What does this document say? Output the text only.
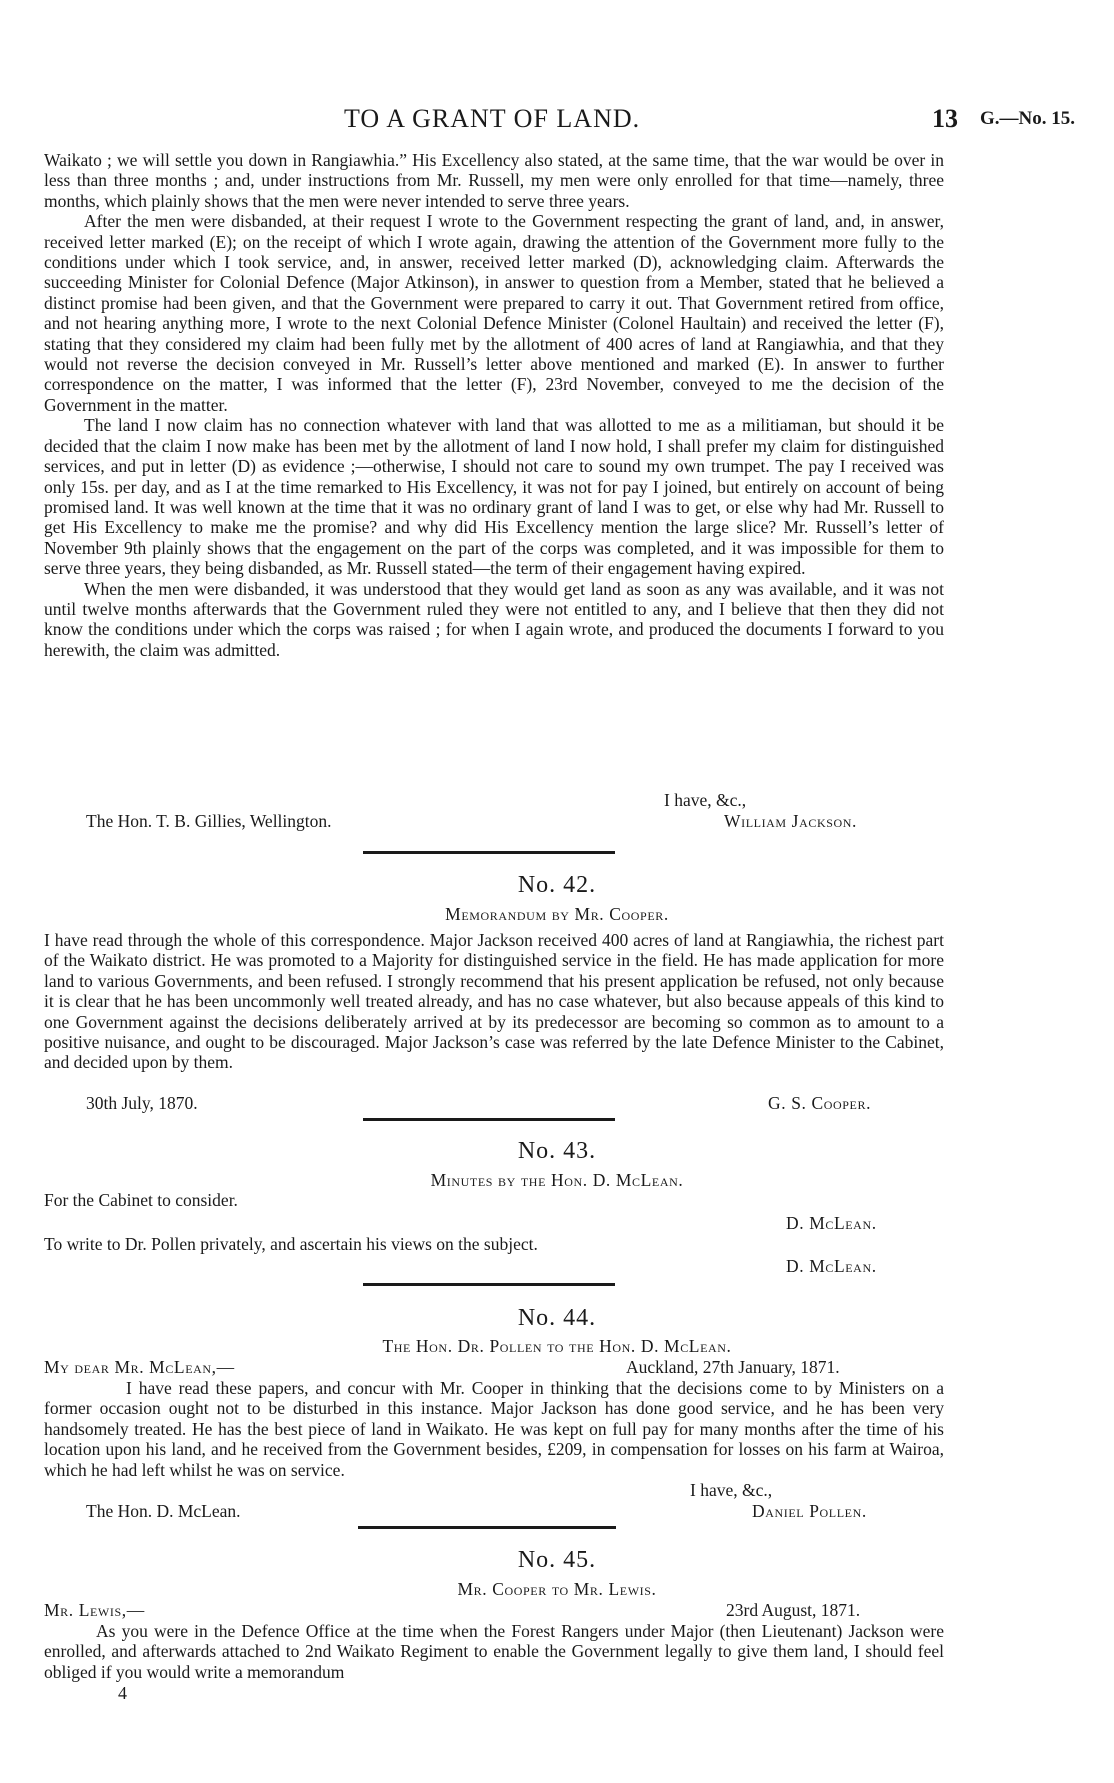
TO A GRANT OF LAND.	13 G.—No. 15.

Waikato ; we will settle you down in Rangiawhia.” His Excellency also stated, at the same time, that the war would be over in less than three months ; and, under instructions from Mr. Russell, my men were only enrolled for that time—namely, three months, which plainly shows that the men were never intended to serve three years.

After the men were disbanded, at their request I wrote to the Government respecting the grant of land, and, in answer, received letter marked (E); on the receipt of which I wrote again, drawing the attention of the Government more fully to the conditions under which I took service, and, in answer, received letter marked (D), acknowledging claim. Afterwards the succeeding Minister for Colonial Defence (Major Atkinson), in answer to question from a Member, stated that he believed a distinct promise had been given, and that the Government were prepared to carry it out. That Government retired from office, and not hearing anything more, I wrote to the next Colonial Defence Minister (Colonel Haultain) and received the letter (F), stating that they considered my claim had been fully met by the allotment of 400 acres of land at Rangiawhia, and that they would not reverse the decision conveyed in Mr. Russell’s letter above mentioned and marked (E). In answer to further correspondence on the matter, I was informed that the letter (F), 23rd November, conveyed to me the decision of the Government in the matter.

The land I now claim has no connection whatever with land that was allotted to me as a militiaman, but should it be decided that the claim I now make has been met by the allotment of land I now hold, I shall prefer my claim for distinguished services, and put in letter (D) as evidence ;—otherwise, I should not care to sound my own trumpet. The pay I received was only 15s. per day, and as I at the time remarked to His Excellency, it was not for pay I joined, but entirely on account of being promised land. It was well known at the time that it was no ordinary grant of land I was to get, or else why had Mr. Russell to get His Excellency to make me the promise? and why did His Excellency mention the large slice? Mr. Russell’s letter of November 9th plainly shows that the engagement on the part of the corps was completed, and it was impossible for them to serve three years, they being disbanded, as Mr. Russell stated—the term of their engagement having expired.

When the men were disbanded, it was understood that they would get land as soon as any was available, and it was not until twelve months afterwards that the Government ruled they were not entitled to any, and I believe that then they did not know the conditions under which the corps was raised ; for when I again wrote, and produced the documents I forward to you herewith, the claim was admitted.

I have, &c.,
The Hon. T. B. Gillies, Wellington.	William Jackson.
No. 42.
Memorandum by Mr. Cooper.

I have read through the whole of this correspondence. Major Jackson received 400 acres of land at Rangiawhia, the richest part of the Waikato district. He was promoted to a Majority for distinguished service in the field. He has made application for more land to various Governments, and been refused. I strongly recommend that his present application be refused, not only because it is clear that he has been uncommonly well treated already, and has no case whatever, but also because appeals of this kind to one Government against the decisions deliberately arrived at by its predecessor are becoming so common as to amount to a positive nuisance, and ought to be discouraged. Major Jackson’s case was referred by the late Defence Minister to the Cabinet, and decided upon by them.

30th July, 1870.	G. S. Cooper.
No. 43.
Minutes by the Hon. D. McLean.
For the Cabinet to consider.
D. McLean.
To write to Dr. Pollen privately, and ascertain his views on the subject.
D. McLean.
No. 44.
The Hon. Dr. Pollen to the Hon. D. McLean.
My dear Mr. McLean,—	Auckland, 27th January, 1871.

I have read these papers, and concur with Mr. Cooper in thinking that the decisions come to by Ministers on a former occasion ought not to be disturbed in this instance. Major Jackson has done good service, and he has been very handsomely treated. He has the best piece of land in Waikato. He was kept on full pay for many months after the time of his location upon his land, and he received from the Government besides, £209, in compensation for losses on his farm at Wairoa, which he had left whilst he was on service.

I have, &c.,
The Hon. D. McLean.	Daniel Pollen.
No. 45.
Mr. Cooper to Mr. Lewis.
Mr. Lewis,—	23rd August, 1871.

As you were in the Defence Office at the time when the Forest Rangers under Major (then Lieutenant) Jackson were enrolled, and afterwards attached to 2nd Waikato Regiment to enable the Government legally to give them land, I should feel obliged if you would write a memorandum

4
